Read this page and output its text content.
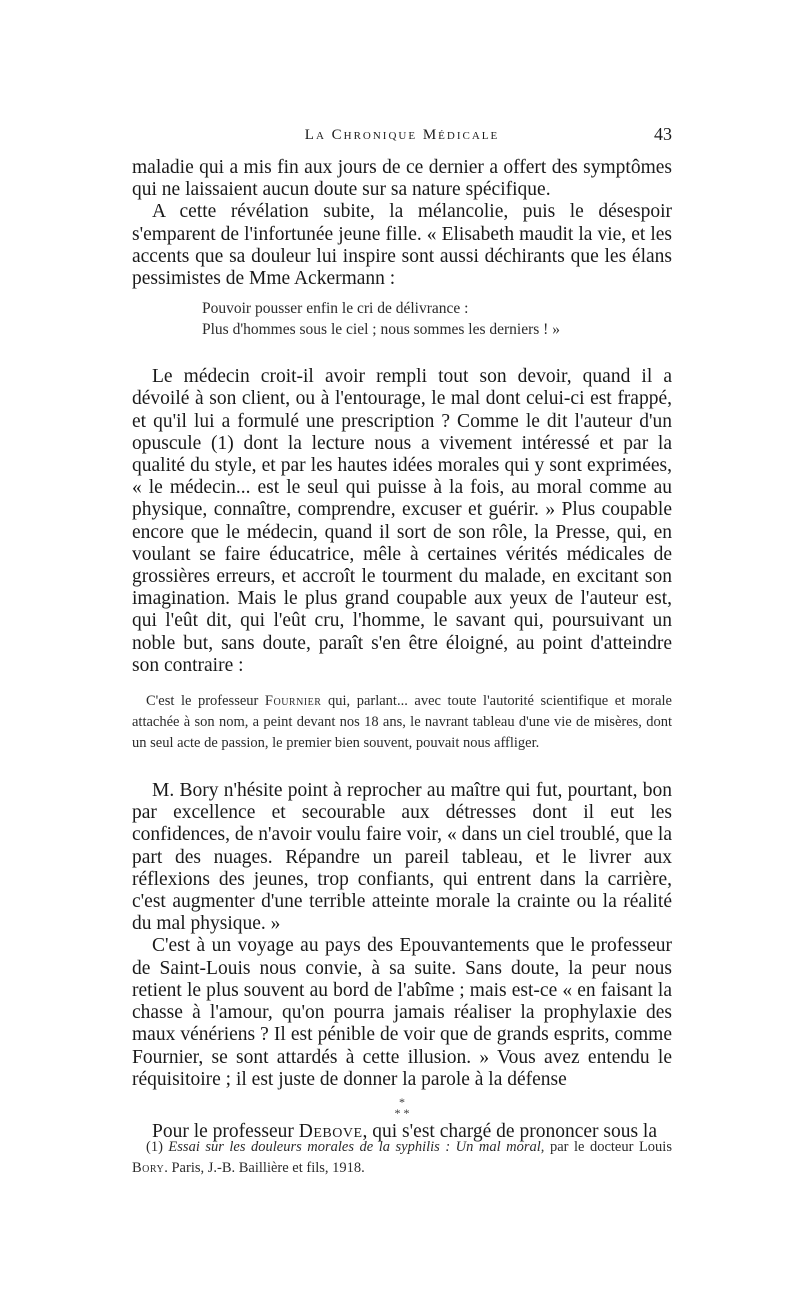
La Chronique Médicale	43

maladie qui a mis fin aux jours de ce dernier a offert des symptômes qui ne laissaient aucun doute sur sa nature spécifique.

A cette révélation subite, la mélancolie, puis le désespoir s'emparent de l'infortunée jeune fille. « Elisabeth maudit la vie, et les accents que sa douleur lui inspire sont aussi déchirants que les élans pessimistes de Mme Ackermann :

Pouvoir pousser enfin le cri de délivrance :
Plus d'hommes sous le ciel ; nous sommes les derniers ! »

Le médecin croit-il avoir rempli tout son devoir, quand il a dévoilé à son client, ou à l'entourage, le mal dont celui-ci est frappé, et qu'il lui a formulé une prescription ? Comme le dit l'auteur d'un opuscule (1) dont la lecture nous a vivement intéressé et par la qualité du style, et par les hautes idées morales qui y sont exprimées, « le médecin... est le seul qui puisse à la fois, au moral comme au physique, connaître, comprendre, excuser et guérir. » Plus coupable encore que le médecin, quand il sort de son rôle, la Presse, qui, en voulant se faire éducatrice, mêle à certaines vérités médicales de grossières erreurs, et accroît le tourment du malade, en excitant son imagination. Mais le plus grand coupable aux yeux de l'auteur est, qui l'eût dit, qui l'eût cru, l'homme, le savant qui, poursuivant un noble but, sans doute, paraît s'en être éloigné, au point d'atteindre son contraire :

C'est le professeur Fournier qui, parlant... avec toute l'autorité scientifique et morale attachée à son nom, a peint devant nos 18 ans, le navrant tableau d'une vie de misères, dont un seul acte de passion, le premier bien souvent, pouvait nous affliger.

M. Bory n'hésite point à reprocher au maître qui fut, pourtant, bon par excellence et secourable aux détresses dont il eut les confidences, de n'avoir voulu faire voir, « dans un ciel troublé, que la part des nuages. Répandre un pareil tableau, et le livrer aux réflexions des jeunes, trop confiants, qui entrent dans la carrière, c'est augmenter d'une terrible atteinte morale la crainte ou la réalité du mal physique. »

C'est à un voyage au pays des Epouvantements que le professeur de Saint-Louis nous convie, à sa suite. Sans doute, la peur nous retient le plus souvent au bord de l'abîme ; mais est-ce « en faisant la chasse à l'amour, qu'on pourra jamais réaliser la prophylaxie des maux vénériens ? Il est pénible de voir que de grands esprits, comme Fournier, se sont attardés à cette illusion. » Vous avez entendu le réquisitoire ; il est juste de donner la parole à la défense

*
* *

Pour le professeur Debove, qui s'est chargé de prononcer sous la

(1) Essai sur les douleurs morales de la syphilis : Un mal moral, par le docteur Louis Bory. Paris, J.-B. Baillière et fils, 1918.
